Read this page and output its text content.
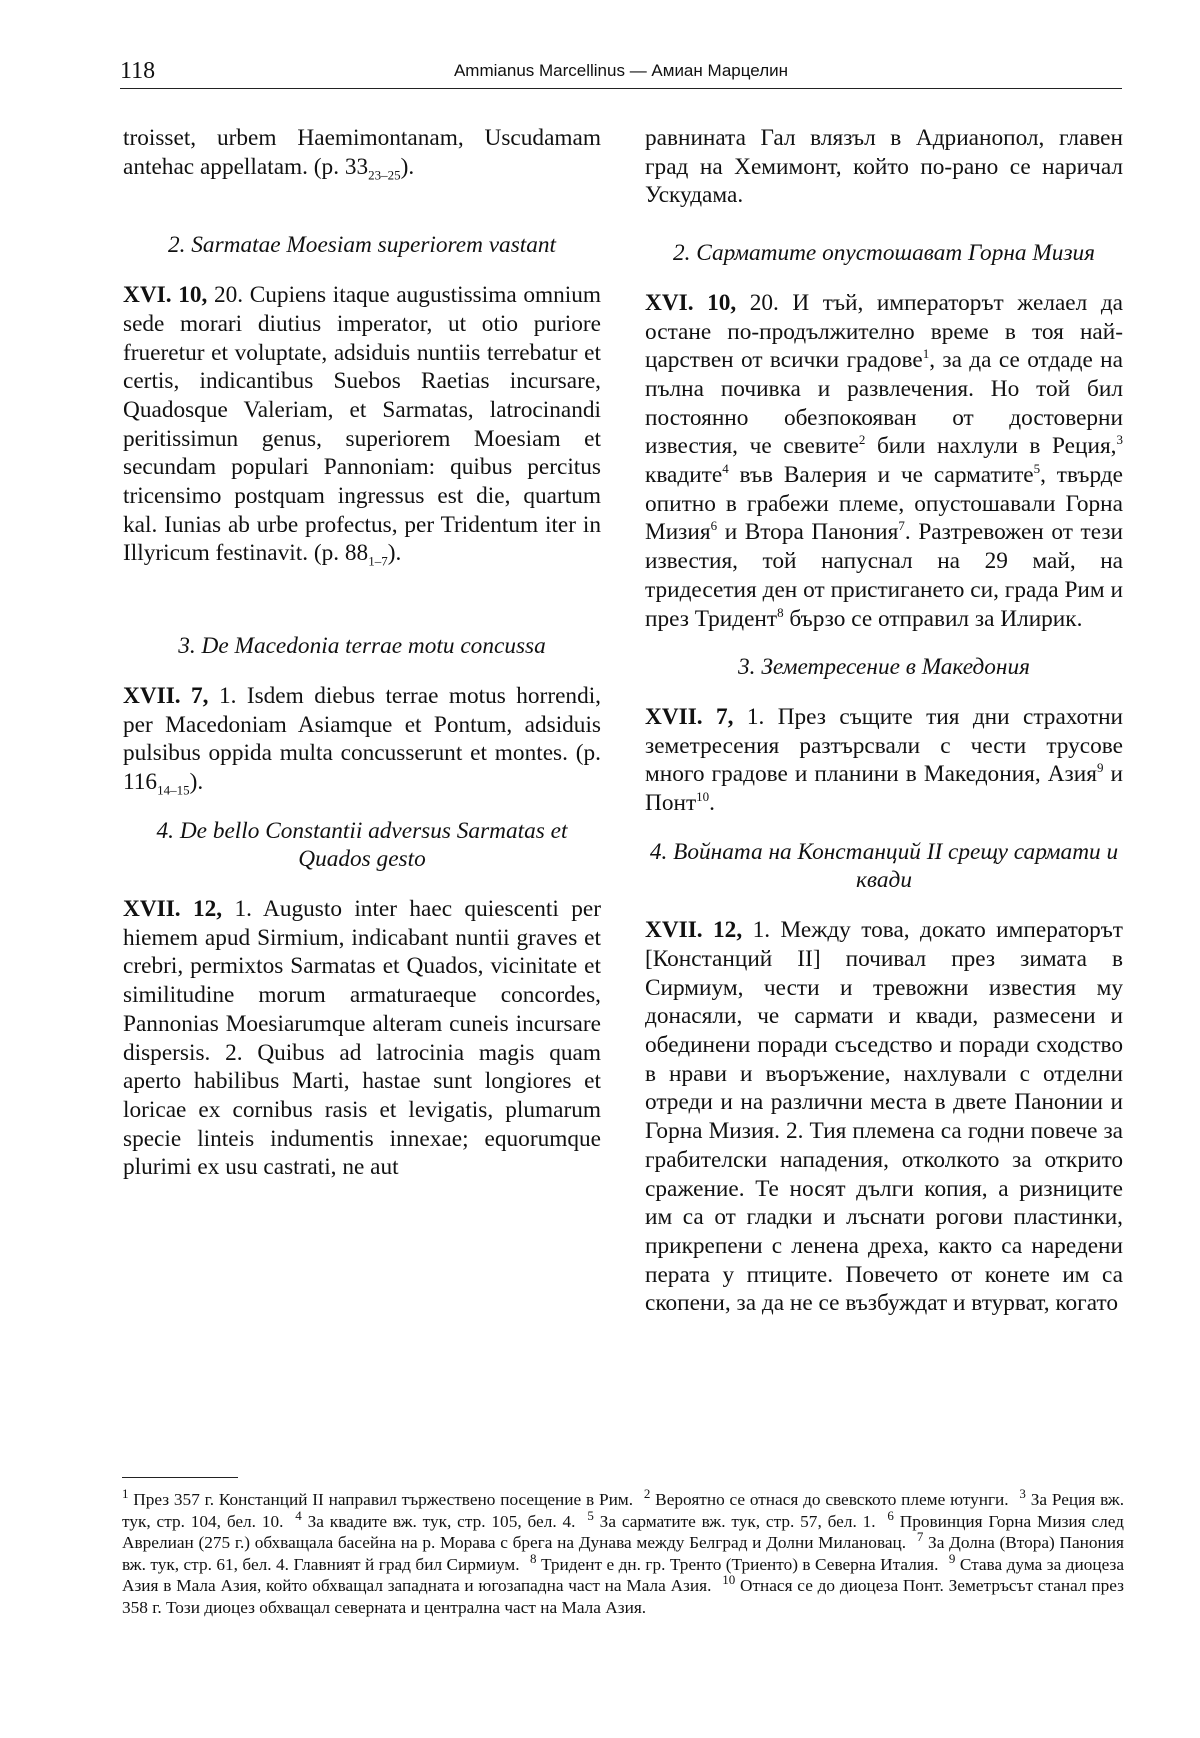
118	Ammianus Marcellinus — Амиан Марцелин

troisset, urbem Haemimontanam, Uscudamam antehac appellatam. (p. $33_{23-25}$).

2. Sarmatae Moesiam superiorem vastant

XVI. 10, 20. Cupiens itaque augustissima omnium sede morari diutius imperator, ut otio puriore frueretur et voluptate, adsiduis nuntiis terrebatur et certis, indicantibus Suebos Raetias incursare, Quadosque Valeriam, et Sarmatas, latrocinandi peritissimun genus, superiorem Moesiam et secundam populari Pannoniam: quibus percitus tricensimo postquam ingressus est die, quartum kal. Iunias ab urbe profectus, per Tridentum iter in Illyricum festinavit. (p. $88_{1-7}$).

3. De Macedonia terrae motu concussa

XVII. 7, 1. Isdem diebus terrae motus horrendi, per Macedoniam Asiamque et Pontum, adsiduis pulsibus oppida multa concusserunt et montes. (p. $116_{14-15}$).

4. De bello Constantii adversus Sarmatas et Quados gesto

XVII. 12, 1. Augusto inter haec quiescenti per hiemem apud Sirmium, indicabant nuntii graves et crebri, permixtos Sarmatas et Quados, vicinitate et similitudine morum armaturaeque concordes, Pannonias Moesiarumque alteram cuneis incursare dispersis. 2. Quibus ad latrocinia magis quam aperto habilibus Marti, hastae sunt longiores et loricae ex cornibus rasis et levigatis, plumarum specie linteis indumentis innexae; equorumque plurimi ex usu castrati, ne aut

равнината Гал влязъл в Адрианопол, главен град на Хемимонт, който по-рано се наричал Ускудама.

2. Сарматите опустошават Горна Мизия

XVI. 10, 20. И тъй, императорът желаел да остане по-продължително време в тоя най-царствен от всички градове$^1$, за да се отдаде на пълна почивка и развлечения. Но той бил постоянно обезпокояван от достоверни известия, че свевите$^2$ били нахлули в Реция,$^3$ квадите$^4$ във Валерия и че сарматите$^5$, твърде опитно в грабежи племе, опустошавали Горна Мизия$^6$ и Втора Панония$^7$. Разтревожен от тези известия, той напуснал на 29 май, на тридесетия ден от пристигането си, града Рим и през Тридент$^8$ бързо се отправил за Илирик.

3. Земетресение в Македония

XVII. 7, 1. През същите тия дни страхотни земетресения разтърсвали с чести трусове много градове и планини в Македония, Азия$^9$ и Понт$^{10}$.

4. Войната на Констанций II срещу сармати и квади

XVII. 12, 1. Между това, докато императорът [Констанций II] почивал през зимата в Сирмиум, чести и тревожни известия му донасяли, че сармати и квади, размесени и обединени поради съседство и поради сходство в нрави и въоръжение, нахлували с отделни отреди и на различни места в двете Панонии и Горна Мизия. 2. Тия племена са годни повече за грабителски нападения, отколкото за открито сражение. Те носят дълги копия, а ризниците им са от гладки и лъснати рогови пластинки, прикрепени с ленена дреха, както са наредени перата у птиците. Повечето от конете им са скопени, за да не се възбуждат и втурват, когато

$^1$ През 357 г. Констанций II направил тържествено посещение в Рим. $^2$ Вероятно се отнася до свевското племе ютунги. $^3$ За Реция вж. тук, стр. 104, бел. 10. $^4$ За квадите вж. тук, стр. 105, бел. 4. $^5$ За сарматите вж. тук, стр. 57, бел. 1. $^6$ Провинция Горна Мизия след Аврелиан (275 г.) обхващала басейна на р. Морава с брега на Дунава между Белград и Долни Милановац. $^7$ За Долна (Втора) Панония вж. тук, стр. 61, бел. 4. Главният й град бил Сирмиум. $^8$ Тридент е дн. гр. Тренто (Триенто) в Северна Италия. $^9$ Става дума за диоцеза Азия в Мала Азия, който обхващал западната и югозападна част на Мала Азия. $^{10}$ Отнася се до диоцеза Понт. Земетръсът станал през 358 г. Този диоцез обхващал северната и централна част на Мала Азия.
